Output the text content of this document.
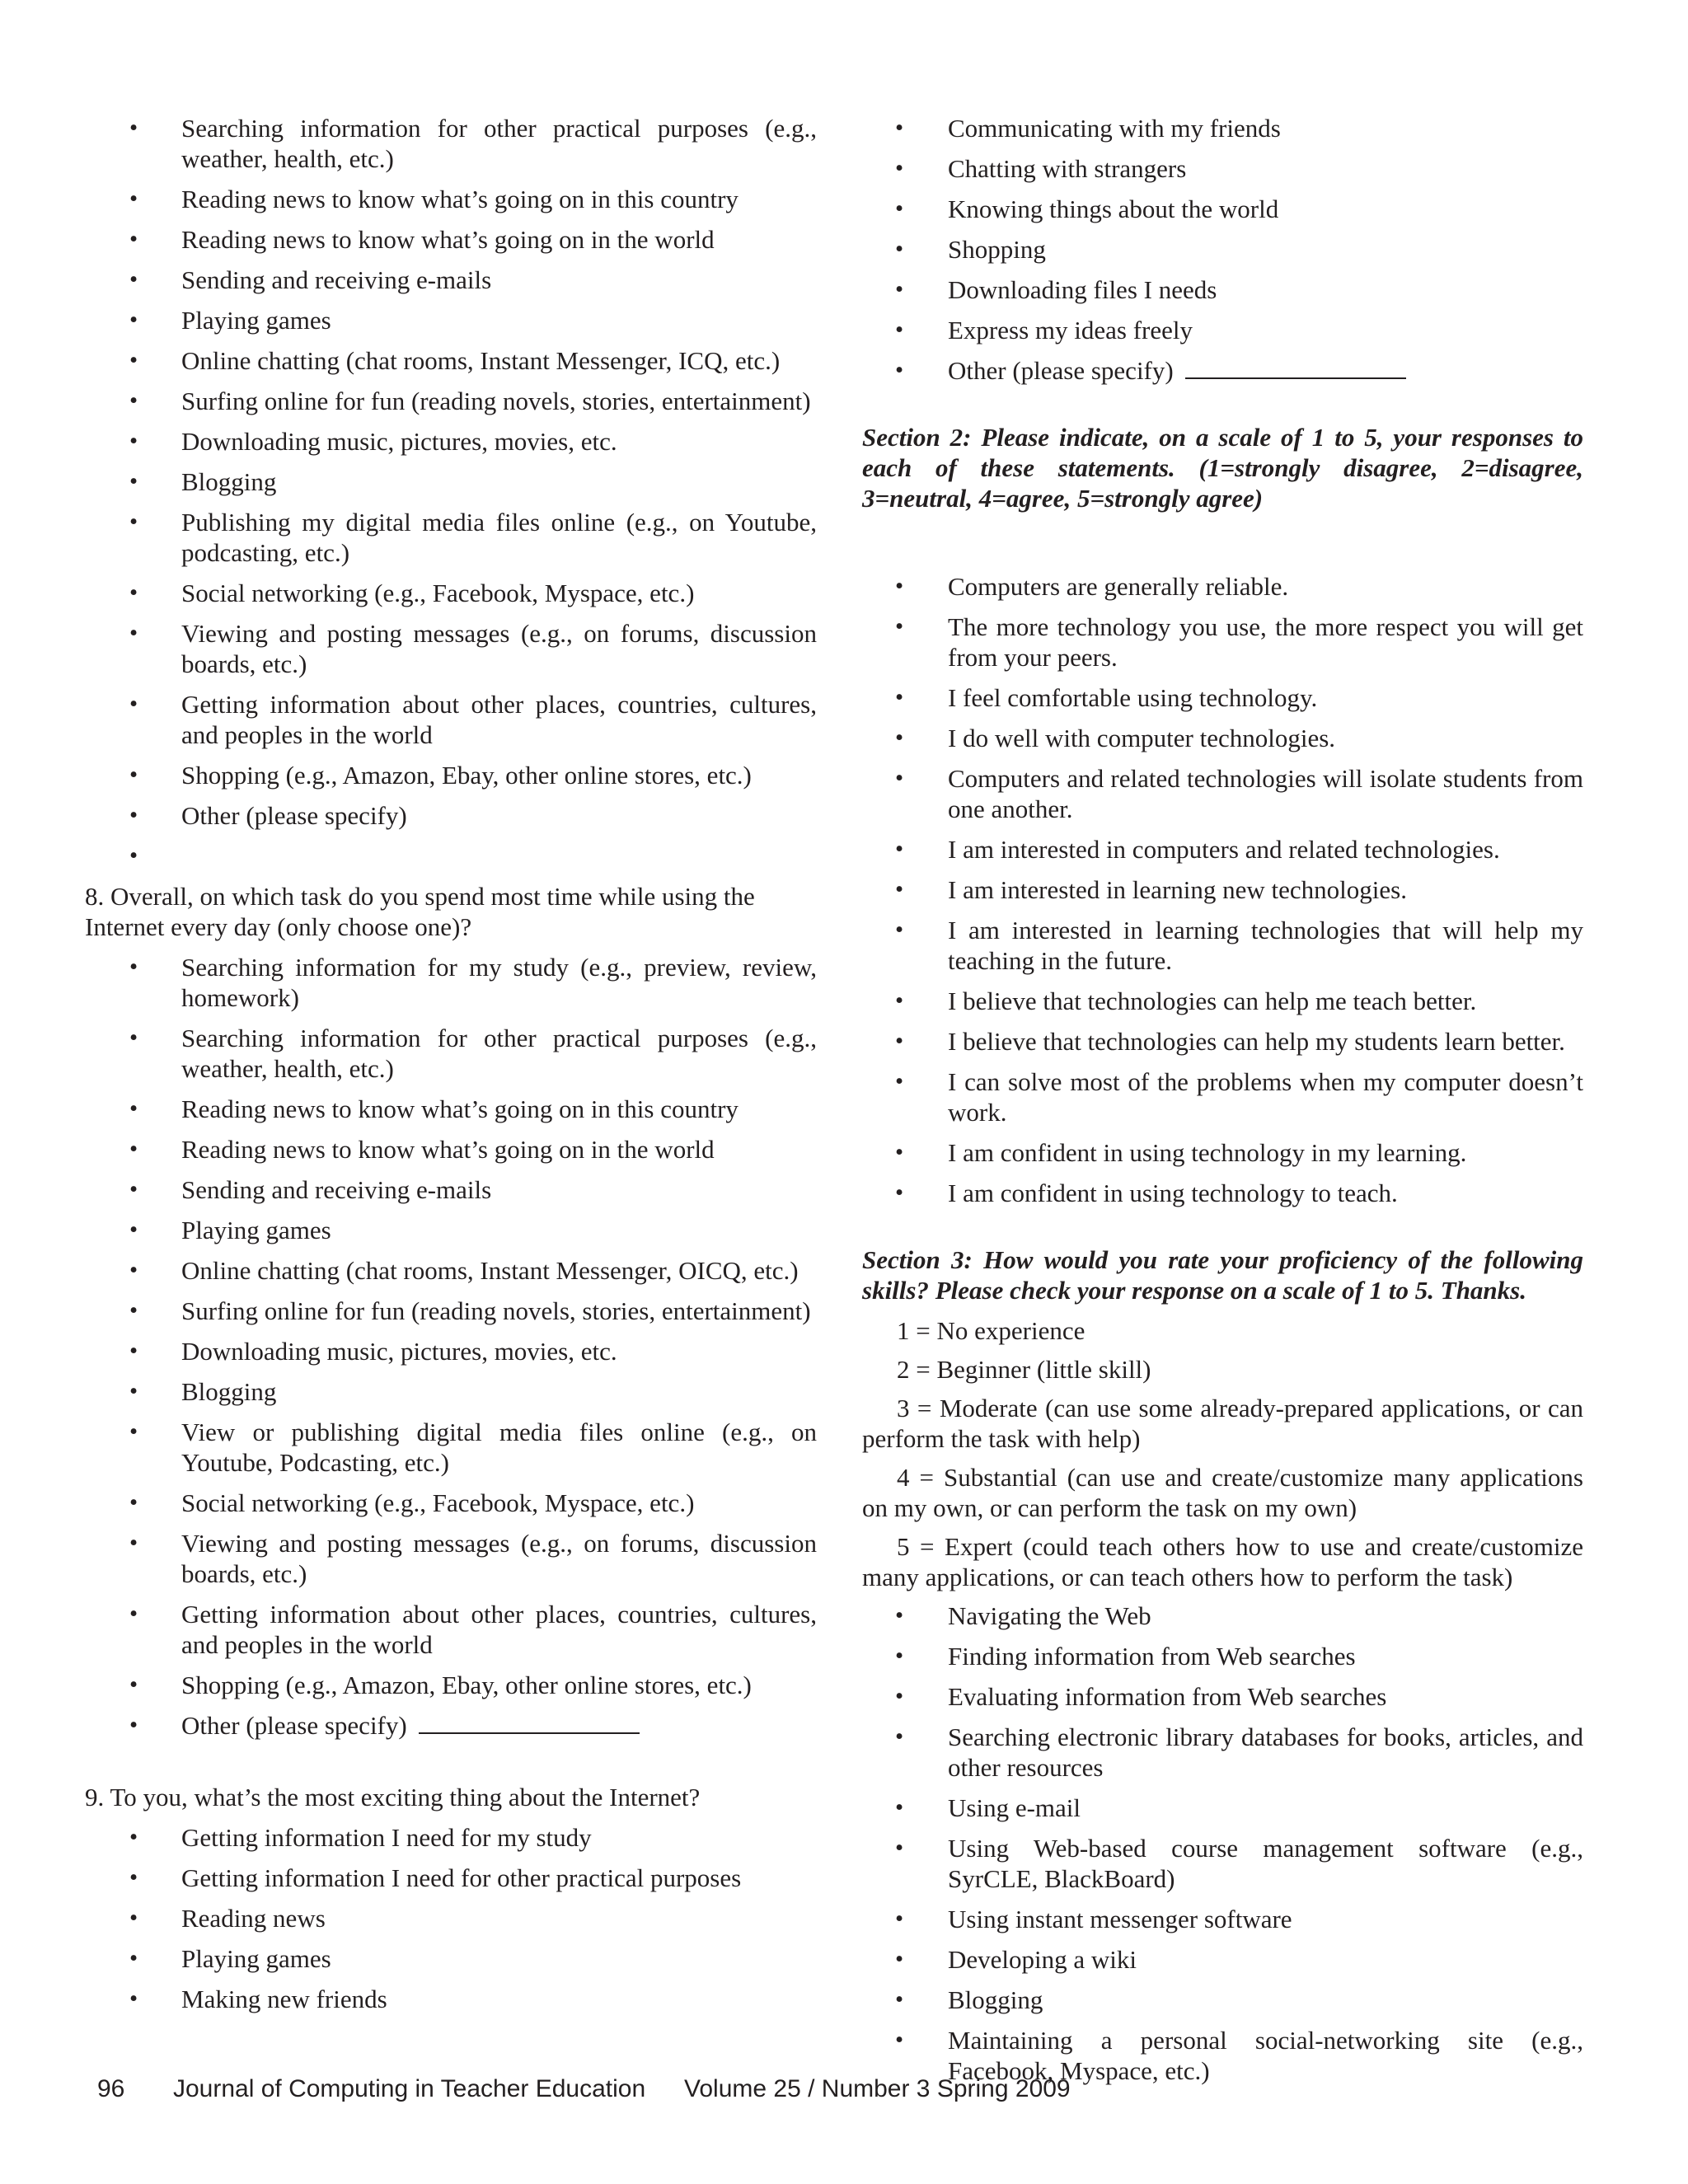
• Searching information for other practical purposes (e.g., weather, health, etc.)
• Reading news to know what’s going on in this country
• Reading news to know what’s going on in the world
• Sending and receiving e-mails
• Playing games
• Online chatting (chat rooms, Instant Messenger, ICQ, etc.)
• Surfing online for fun (reading novels, stories, entertainment)
• Downloading music, pictures, movies, etc.
• Blogging
• Publishing my digital media files online (e.g., on Youtube, podcasting, etc.)
• Social networking (e.g., Facebook, Myspace, etc.)
• Viewing and posting messages (e.g., on forums, discussion boards, etc.)
• Getting information about other places, countries, cultures, and peoples in the world
• Shopping (e.g., Amazon, Ebay, other online stores, etc.)
• Other (please specify)
•

8. Overall, on which task do you spend most time while using the Internet every day (only choose one)?

• Searching information for my study (e.g., preview, review, homework)
• Searching information for other practical purposes (e.g., weather, health, etc.)
• Reading news to know what’s going on in this country
• Reading news to know what’s going on in the world
• Sending and receiving e-mails
• Playing games
• Online chatting (chat rooms, Instant Messenger, OICQ, etc.)
• Surfing online for fun (reading novels, stories, entertainment)
• Downloading music, pictures, movies, etc.
• Blogging
• View or publishing digital media files online (e.g., on Youtube, Podcasting, etc.)
• Social networking (e.g., Facebook, Myspace, etc.)
• Viewing and posting messages (e.g., on forums, discussion boards, etc.)
• Getting information about other places, countries, cultures, and peoples in the world
• Shopping (e.g., Amazon, Ebay, other online stores, etc.)
• Other (please specify)

9. To you, what’s the most exciting thing about the Internet?

• Getting information I need for my study
• Getting information I need for other practical purposes
• Reading news
• Playing games
• Making new friends
• Communicating with my friends
• Chatting with strangers
• Knowing things about the world
• Shopping
• Downloading files I needs
• Express my ideas freely
• Other (please specify)

Section 2: Please indicate, on a scale of 1 to 5, your responses to each of these statements. (1=strongly disagree, 2=disagree, 3=neutral, 4=agree, 5=strongly agree)

• Computers are generally reliable.
• The more technology you use, the more respect you will get from your peers.
• I feel comfortable using technology.
• I do well with computer technologies.
• Computers and related technologies will isolate students from one another.
• I am interested in computers and related technologies.
• I am interested in learning new technologies.
• I am interested in learning technologies that will help my teaching in the future.
• I believe that technologies can help me teach better.
• I believe that technologies can help my students learn better.
• I can solve most of the problems when my computer doesn’t work.
• I am confident in using technology in my learning.
• I am confident in using technology to teach.

Section 3: How would you rate your proficiency of the following skills? Please check your response on a scale of 1 to 5. Thanks.

1 = No experience

2 = Beginner (little skill)

3 = Moderate (can use some already-prepared applications, or can perform the task with help)

4 = Substantial (can use and create/customize many applications on my own, or can perform the task on my own)

5 = Expert (could teach others how to use and create/customize many applications, or can teach others how to perform the task)

• Navigating the Web
• Finding information from Web searches
• Evaluating information from Web searches
• Searching electronic library databases for books, articles, and other resources
• Using e-mail
• Using Web-based course management software (e.g., SyrCLE, BlackBoard)
• Using instant messenger software
• Developing a wiki
• Blogging
• Maintaining a personal social-networking site (e.g., Facebook, Myspace, etc.)
96 Journal of Computing in Teacher Education Volume 25 / Number 3 Spring 2009
